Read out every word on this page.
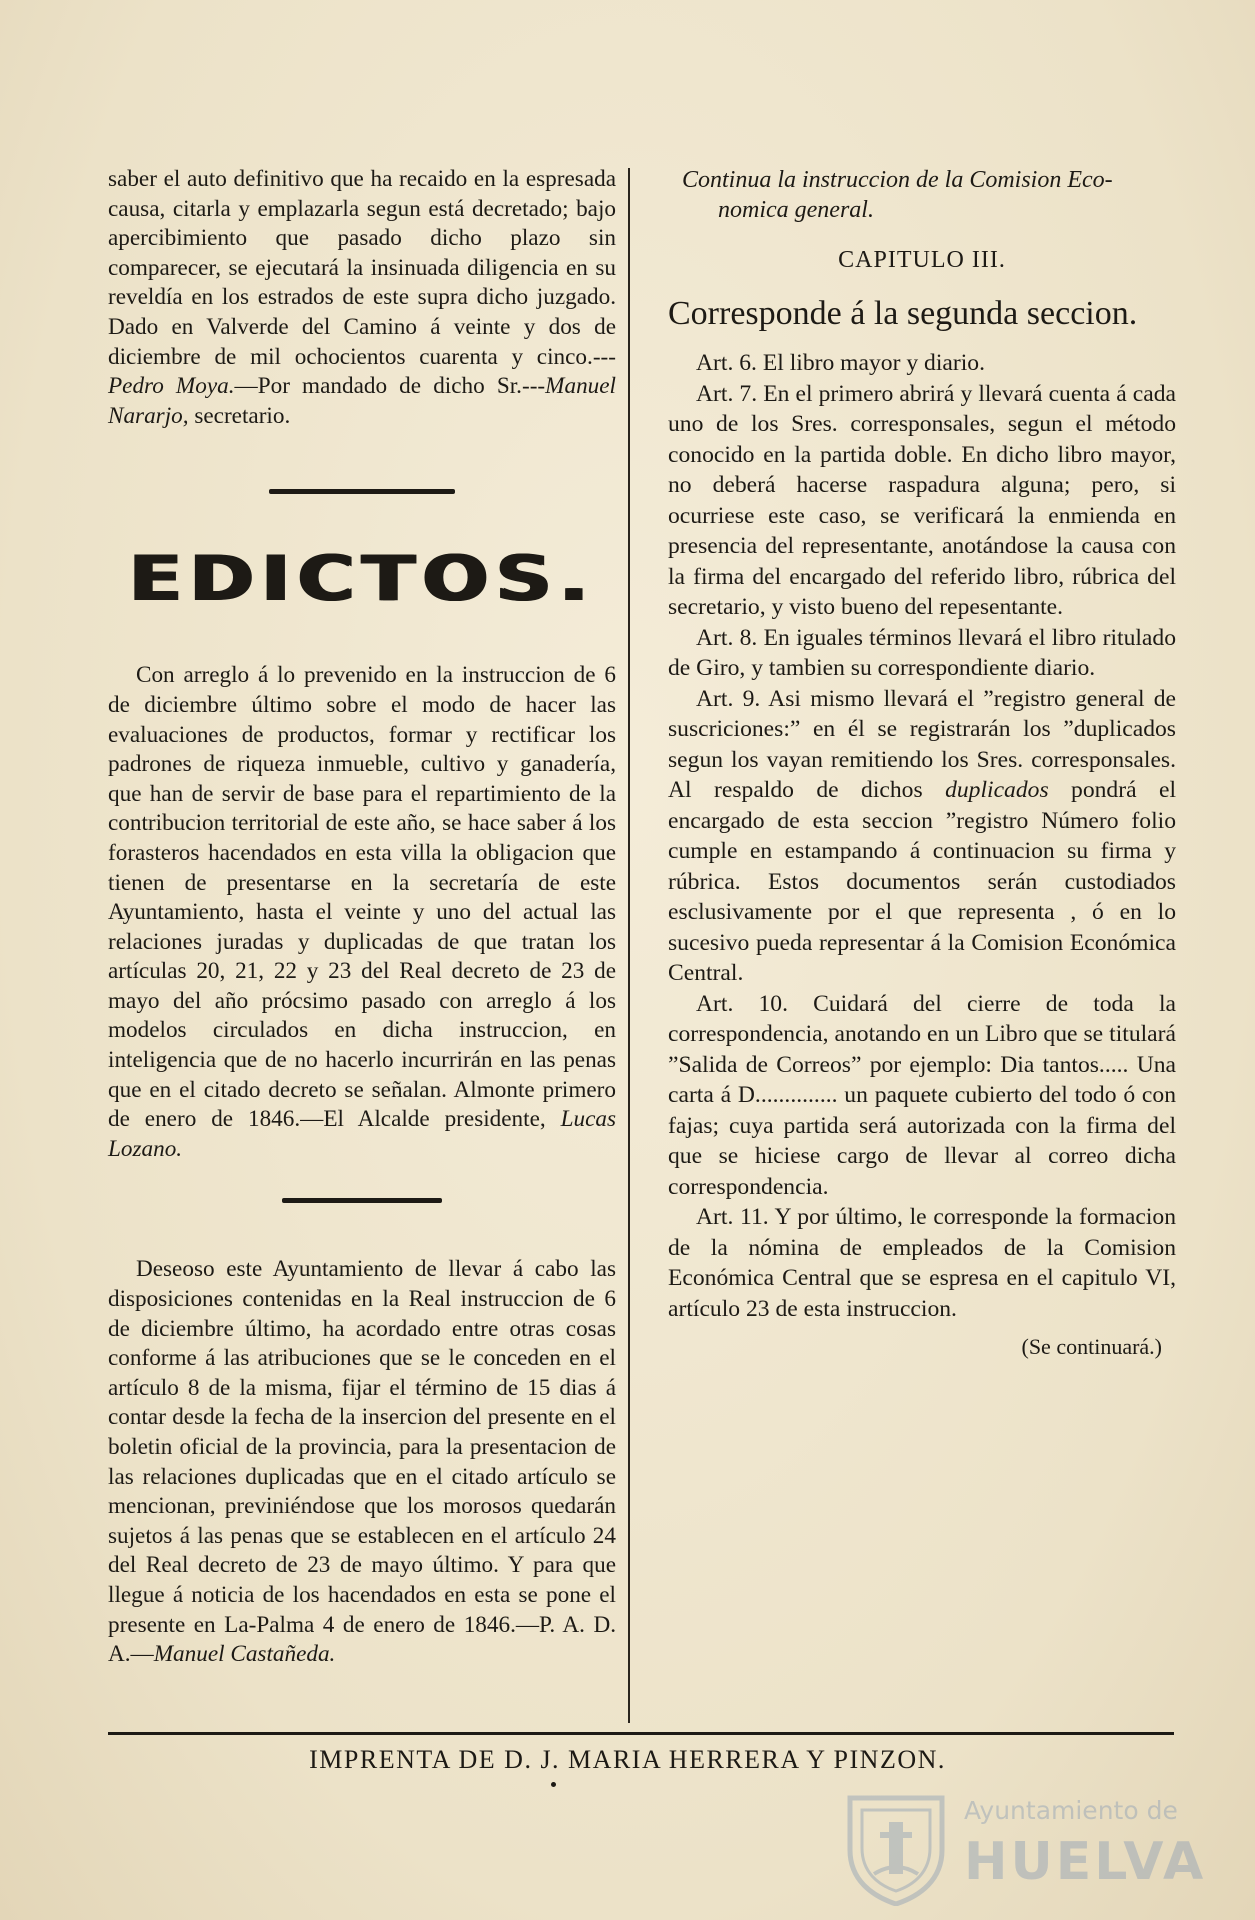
saber el auto definitivo que ha recaido en la espresada causa, citarla y emplazarla segun está decretado; bajo apercibimiento que pasado dicho plazo sin comparecer, se ejecutará la insinuada diligencia en su reveldía en los estrados de este supra dicho juzgado. Dado en Valverde del Camino á veinte y dos de diciembre de mil ochocientos cuarenta y cinco.---Pedro Moya.—Por mandado de dicho Sr.---Manuel Nararjo, secretario.

EDICTOS.

Con arreglo á lo prevenido en la instruccion de 6 de diciembre último sobre el modo de hacer las evaluaciones de productos, formar y rectificar los padrones de riqueza inmueble, cultivo y ganadería, que han de servir de base para el repartimiento de la contribucion territorial de este año, se hace saber á los forasteros hacendados en esta villa la obligacion que tienen de presentarse en la secretaría de este Ayuntamiento, hasta el veinte y uno del actual las relaciones juradas y duplicadas de que tratan los artículas 20, 21, 22 y 23 del Real decreto de 23 de mayo del año prócsimo pasado con arreglo á los modelos circulados en dicha instruccion, en inteligencia que de no hacerlo incurrirán en las penas que en el citado decreto se señalan. Almonte primero de enero de 1846.—El Alcalde presidente, Lucas Lozano.

Deseoso este Ayuntamiento de llevar á cabo las disposiciones contenidas en la Real instruccion de 6 de diciembre último, ha acordado entre otras cosas conforme á las atribuciones que se le conceden en el artículo 8 de la misma, fijar el término de 15 dias á contar desde la fecha de la insercion del presente en el boletin oficial de la provincia, para la presentacion de las relaciones duplicadas que en el citado artículo se mencionan, previniéndose que los morosos quedarán sujetos á las penas que se establecen en el artículo 24 del Real decreto de 23 de mayo último. Y para que llegue á noticia de los hacendados en esta se pone el presente en La-Palma 4 de enero de 1846.—P. A. D. A.—Manuel Castañeda.

Continua la instruccion de la Comision Eco-
nomica general.
CAPITULO III.
Corresponde á la segunda seccion.

Art. 6. El libro mayor y diario.

Art. 7. En el primero abrirá y llevará cuenta á cada uno de los Sres. corresponsales, segun el método conocido en la partida doble. En dicho libro mayor, no deberá hacerse raspadura alguna; pero, si ocurriese este caso, se verificará la enmienda en presencia del representante, anotándose la causa con la firma del encargado del referido libro, rúbrica del secretario, y visto bueno del repesentante.

Art. 8. En iguales términos llevará el libro ritulado de Giro, y tambien su correspondiente diario.

Art. 9. Asi mismo llevará el ”registro general de suscriciones:” en él se registrarán los ”duplicados segun los vayan remitiendo los Sres. corresponsales. Al respaldo de dichos duplicados pondrá el encargado de esta seccion ”registro Número folio cumple en estampando á continuacion su firma y rúbrica. Estos documentos serán custodiados esclusivamente por el que representa , ó en lo sucesivo pueda representar á la Comision Económica Central.

Art. 10. Cuidará del cierre de toda la correspondencia, anotando en un Libro que se titulará ”Salida de Correos” por ejemplo: Dia tantos..... Una carta á D.............. un paquete cubierto del todo ó con fajas; cuya partida será autorizada con la firma del que se hiciese cargo de llevar al correo dicha correspondencia.

Art. 11. Y por último, le corresponde la formacion de la nómina de empleados de la Comision Económica Central que se espresa en el capitulo VI, artículo 23 de esta instruccion.

(Se continuará.)
IMPRENTA DE D. J. MARIA HERRERA Y PINZON.
Ayuntamiento de
HUELVA
